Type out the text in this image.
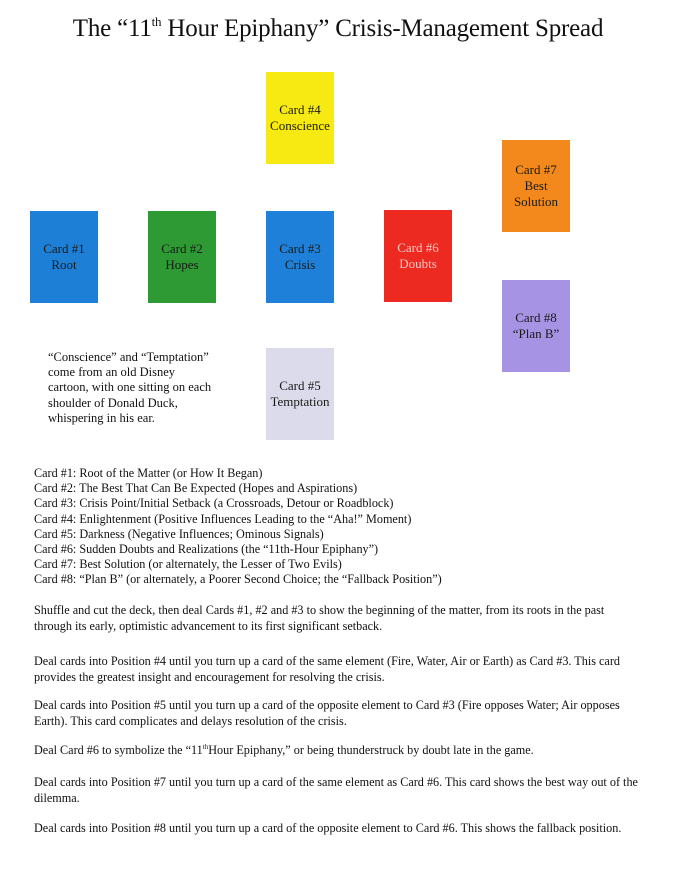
The “11th Hour Epiphany” Crisis-Management Spread
Card #1
Root
Card #2
Hopes
Card #3
Crisis
Card #4
Conscience
Card #5
Temptation
Card #6
Doubts
Card #7
Best
Solution
Card #8
“Plan B”
“Conscience” and “Temptation”
come from an old Disney
cartoon, with one sitting on each
shoulder of Donald Duck,
whispering in his ear.
Card #1: Root of the Matter (or How It Began)
Card #2: The Best That Can Be Expected (Hopes and Aspirations)
Card #3: Crisis Point/Initial Setback (a Crossroads, Detour or Roadblock)
Card #4: Enlightenment (Positive Influences Leading to the “Aha!” Moment)
Card #5: Darkness (Negative Influences; Ominous Signals)
Card #6: Sudden Doubts and Realizations (the “11th-Hour Epiphany”)
Card #7: Best Solution (or alternately, the Lesser of Two Evils)
Card #8: “Plan B” (or alternately, a Poorer Second Choice; the “Fallback Position”)
Shuffle and cut the deck, then deal Cards #1, #2 and #3 to show the beginning of the matter, from its roots in the past through its early, optimistic advancement to its first significant setback.
Deal cards into Position #4 until you turn up a card of the same element (Fire, Water, Air or Earth) as Card #3. This card provides the greatest insight and encouragement for resolving the crisis.
Deal cards into Position #5 until you turn up a card of the opposite element to Card #3 (Fire opposes Water; Air opposes Earth). This card complicates and delays resolution of the crisis.
Deal Card #6 to symbolize the “11thHour Epiphany,” or being thunderstruck by doubt late in the game.
Deal cards into Position #7 until you turn up a card of the same element as Card #6. This card shows the best way out of the dilemma.
Deal cards into Position #8 until you turn up a card of the opposite element to Card #6. This shows the fallback position.
